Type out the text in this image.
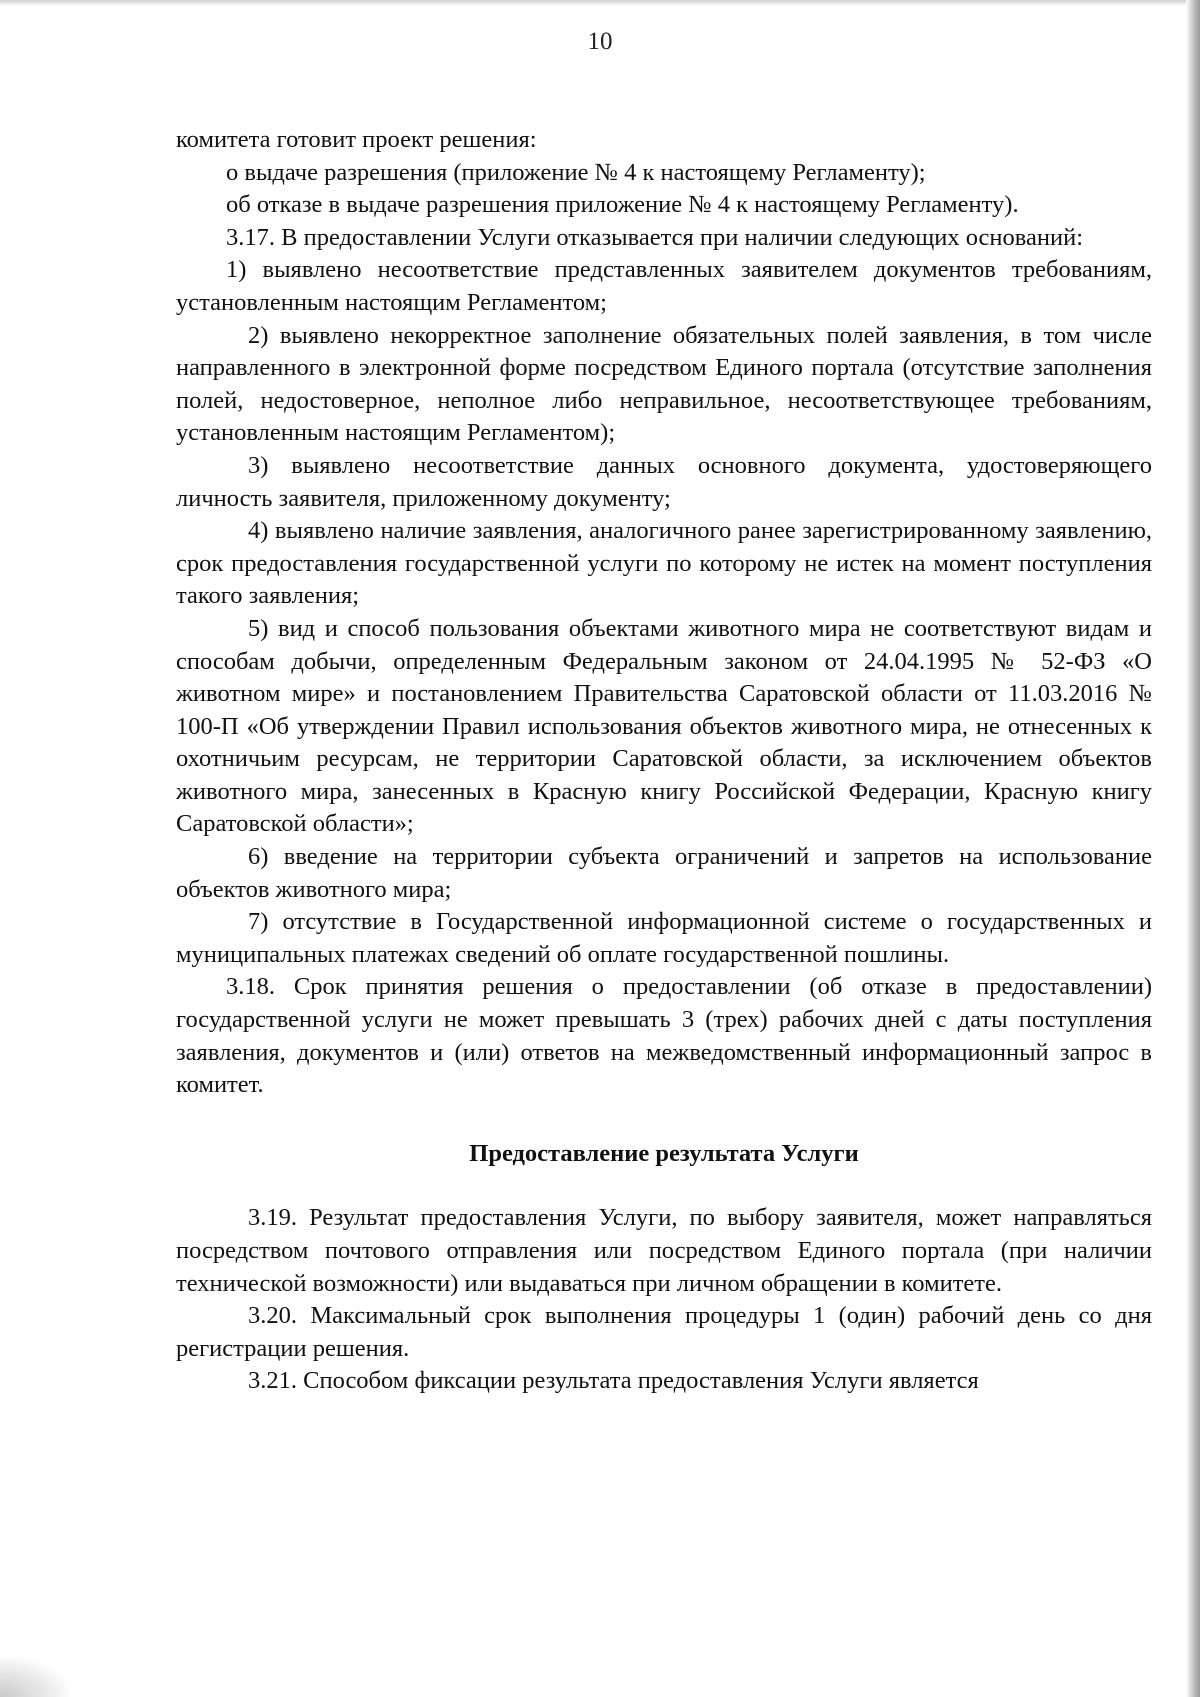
10

комитета готовит проект решения:

о выдаче разрешения (приложение № 4 к настоящему Регламенту);

об отказе в выдаче разрешения приложение № 4 к настоящему Регламенту).

3.17. В предоставлении Услуги отказывается при наличии следующих оснований:

1) выявлено несоответствие представленных заявителем документов требованиям, установленным настоящим Регламентом;

2) выявлено некорректное заполнение обязательных полей заявления, в том числе направленного в электронной форме посредством Единого портала (отсутствие заполнения полей, недостоверное, неполное либо неправильное, несоответствующее требованиям, установленным настоящим Регламентом);

3) выявлено несоответствие данных основного документа, удостоверяющего личность заявителя, приложенному документу;

4) выявлено наличие заявления, аналогичного ранее зарегистрированному заявлению, срок предоставления государственной услуги по которому не истек на момент поступления такого заявления;

5) вид и способ пользования объектами животного мира не соответствуют видам и способам добычи, определенным Федеральным законом от 24.04.1995 № 52-ФЗ «О животном мире» и постановлением Правительства Саратовской области от 11.03.2016 № 100-П «Об утверждении Правил использования объектов животного мира, не отнесенных к охотничьим ресурсам, не территории Саратовской области, за исключением объектов животного мира, занесенных в Красную книгу Российской Федерации, Красную книгу Саратовской области»;

6) введение на территории субъекта ограничений и запретов на использование объектов животного мира;

7) отсутствие в Государственной информационной системе о государственных и муниципальных платежах сведений об оплате государственной пошлины.

3.18. Срок принятия решения о предоставлении (об отказе в предоставлении) государственной услуги не может превышать 3 (трех) рабочих дней с даты поступления заявления, документов и (или) ответов на межведомственный информационный запрос в комитет.

Предоставление результата Услуги

3.19. Результат предоставления Услуги, по выбору заявителя, может направляться посредством почтового отправления или посредством Единого портала (при наличии технической возможности) или выдаваться при личном обращении в комитете.

3.20. Максимальный срок выполнения процедуры 1 (один) рабочий день со дня регистрации решения.

3.21. Способом фиксации результата предоставления Услуги является
